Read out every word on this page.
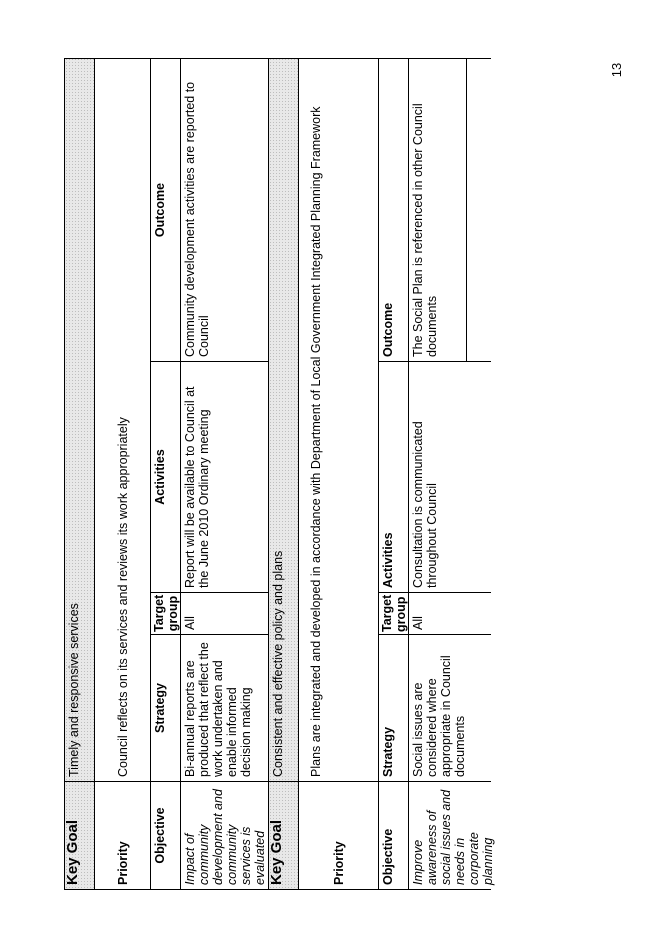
13
Key Goal
Timely and responsive services
Priority
Council reflects on its services and reviews its work appropriately
Objective
Strategy
Target group
Activities
Outcome
Impact of community development and community services is evaluated
Bi-annual reports are produced that reflect the work undertaken and enable informed decision making
All
Report will be available to Council at the June 2010 Ordinary meeting
Community development activities are reported to Council
Key Goal
Consistent and effective policy and plans
Priority
Plans are integrated and developed in accordance with Department of Local Government Integrated Planning Framework
Objective
Strategy
Target group
Activities
Outcome
Improve awareness of social issues and needs in corporate planning
Social issues are considered where appropriate in Council documents
All
Consultation is communicated throughout Council
The Social Plan is referenced in other Council documents
